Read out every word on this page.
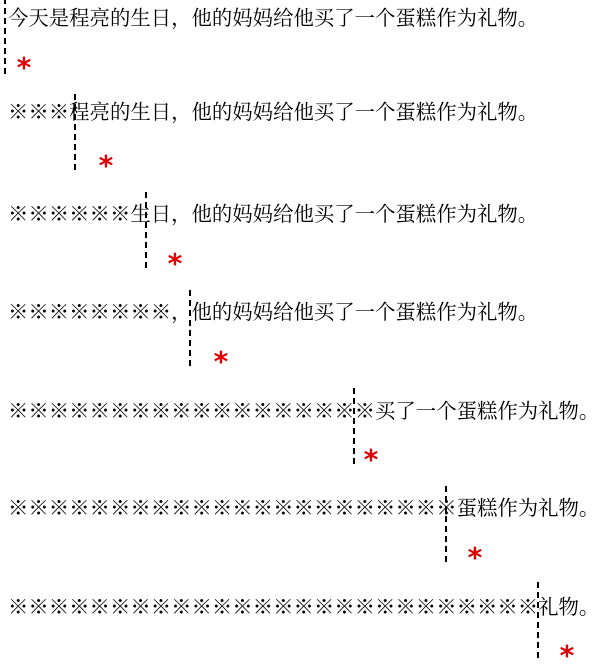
今天是程亮的生日，他的妈妈给他买了一个蛋糕作为礼物。
*
※※※程亮的生日，他的妈妈给他买了一个蛋糕作为礼物。
*
※※※※※※生日，他的妈妈给他买了一个蛋糕作为礼物。
*
※※※※※※※※，他的妈妈给他买了一个蛋糕作为礼物。
*
※※※※※※※※※※※※※※※※※※买了一个蛋糕作为礼物。
*
※※※※※※※※※※※※※※※※※※※※※※蛋糕作为礼物。
*
※※※※※※※※※※※※※※※※※※※※※※※※※※礼物。
*
